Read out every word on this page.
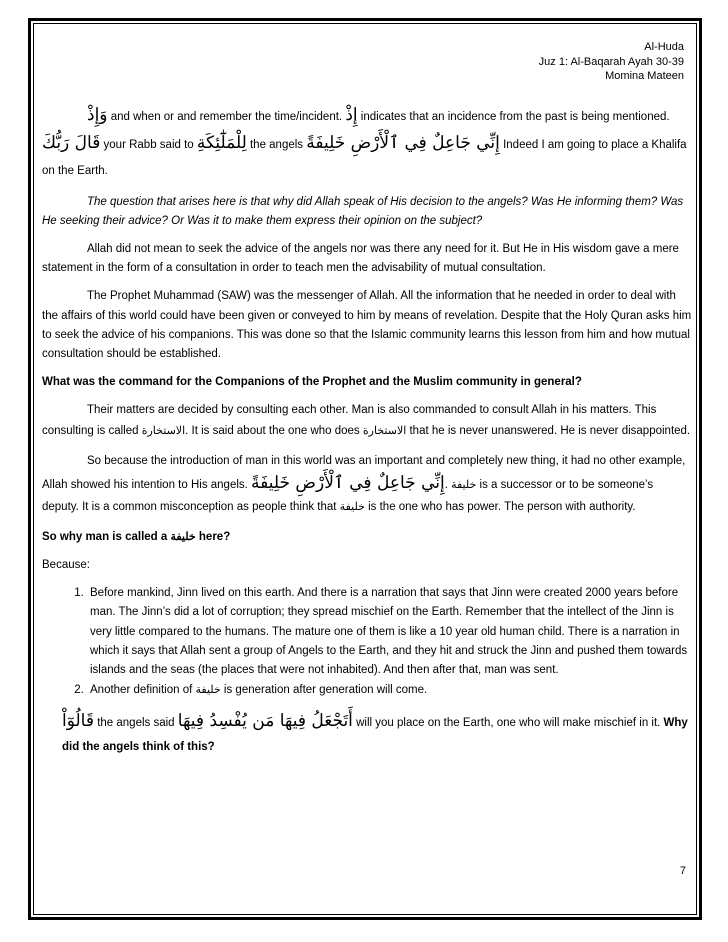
Al-Huda
Juz 1: Al-Baqarah Ayah 30-39
Momina Mateen

وَإِذْ and when or and remember the time/incident. إِذْ indicates that an incidence from the past is being mentioned. قَالَ رَبُّكَ your Rabb said to لِلْمَلَٰٓئِكَةِ the angels إِنِّي جَاعِلٌ فِي ٱلْأَرْضِ خَلِيفَةً Indeed I am going to place a Khalifa on the Earth.

The question that arises here is that why did Allah speak of His decision to the angels? Was He informing them? Was He seeking their advice? Or Was it to make them express their opinion on the subject?

Allah did not mean to seek the advice of the angels nor was there any need for it. But He in His wisdom gave a mere statement in the form of a consultation in order to teach men the advisability of mutual consultation.

The Prophet Muhammad (SAW) was the messenger of Allah. All the information that he needed in order to deal with the affairs of this world could have been given or conveyed to him by means of revelation. Despite that the Holy Quran asks him to seek the advice of his companions. This was done so that the Islamic community learns this lesson from him and how mutual consultation should be established.

What was the command for the Companions of the Prophet and the Muslim community in general?

Their matters are decided by consulting each other. Man is also commanded to consult Allah in his matters. This consulting is called الاستخارة. It is said about the one who does الاستخارة that he is never unanswered. He is never disappointed.

So because the introduction of man in this world was an important and completely new thing, it had no other example, Allah showed his intention to His angels. إِنِّي جَاعِلٌ فِي ٱلْأَرْضِ خَلِيفَةً. خليفة is a successor or to be someone’s deputy. It is a common misconception as people think that خليفة is the one who has power. The person with authority.

So why man is called a خليفة here?

Because:

1. Before mankind, Jinn lived on this earth. And there is a narration that says that Jinn were created 2000 years before man. The Jinn’s did a lot of corruption; they spread mischief on the Earth. Remember that the intellect of the Jinn is very little compared to the humans. The mature one of them is like a 10 year old human child. There is a narration in which it says that Allah sent a group of Angels to the Earth, and they hit and struck the Jinn and pushed them towards islands and the seas (the places that were not inhabited). And then after that, man was sent.
2. Another definition of خليفة is generation after generation will come.

قَالُوٓاْ the angels said أَتَجْعَلُ فِيهَا مَن يُفْسِدُ فِيهَا will you place on the Earth, one who will make mischief in it. Why did the angels think of this?

7
